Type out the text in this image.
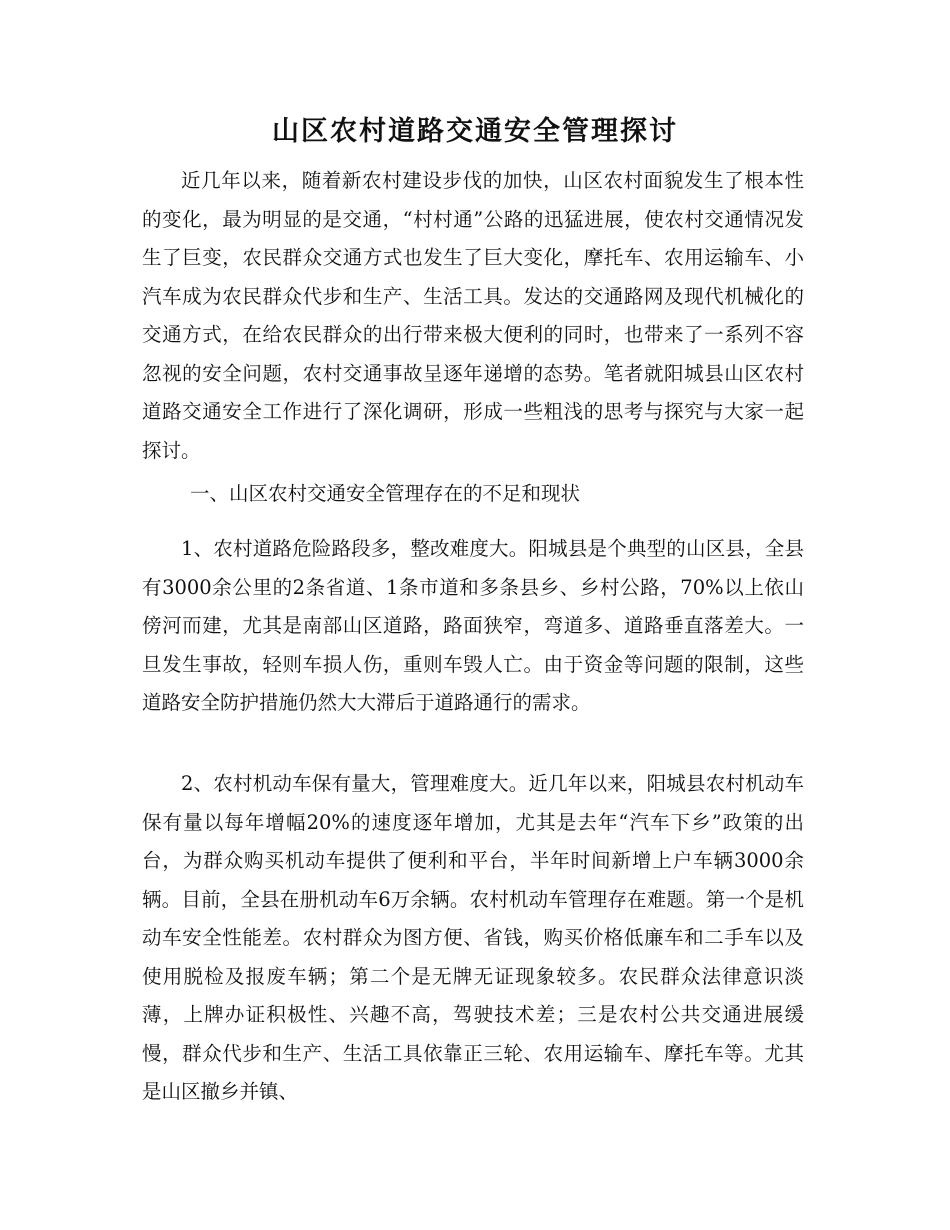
山区农村道路交通安全管理探讨

近几年以来，随着新农村建设步伐的加快，山区农村面貌发生了根本性的变化，最为明显的是交通，“村村通”公路的迅猛进展，使农村交通情况发生了巨变，农民群众交通方式也发生了巨大变化，摩托车、农用运输车、小汽车成为农民群众代步和生产、生活工具。发达的交通路网及现代机械化的交通方式，在给农民群众的出行带来极大便利的同时，也带来了一系列不容忽视的安全问题，农村交通事故呈逐年递增的态势。笔者就阳城县山区农村道路交通安全工作进行了深化调研，形成一些粗浅的思考与探究与大家一起探讨。

一、山区农村交通安全管理存在的不足和现状

1、农村道路危险路段多，整改难度大。阳城县是个典型的山区县，全县有3000余公里的2条省道、1条市道和多条县乡、乡村公路，70%以上依山傍河而建，尤其是南部山区道路，路面狭窄，弯道多、道路垂直落差大。一旦发生事故，轻则车损人伤，重则车毁人亡。由于资金等问题的限制，这些道路安全防护措施仍然大大滞后于道路通行的需求。

2、农村机动车保有量大，管理难度大。近几年以来，阳城县农村机动车保有量以每年增幅20%的速度逐年增加，尤其是去年“汽车下乡”政策的出台，为群众购买机动车提供了便利和平台，半年时间新增上户车辆3000余辆。目前，全县在册机动车6万余辆。农村机动车管理存在难题。第一个是机动车安全性能差。农村群众为图方便、省钱，购买价格低廉车和二手车以及使用脱检及报废车辆；第二个是无牌无证现象较多。农民群众法律意识淡薄，上牌办证积极性、兴趣不高，驾驶技术差；三是农村公共交通进展缓慢，群众代步和生产、生活工具依靠正三轮、农用运输车、摩托车等。尤其是山区撤乡并镇、
